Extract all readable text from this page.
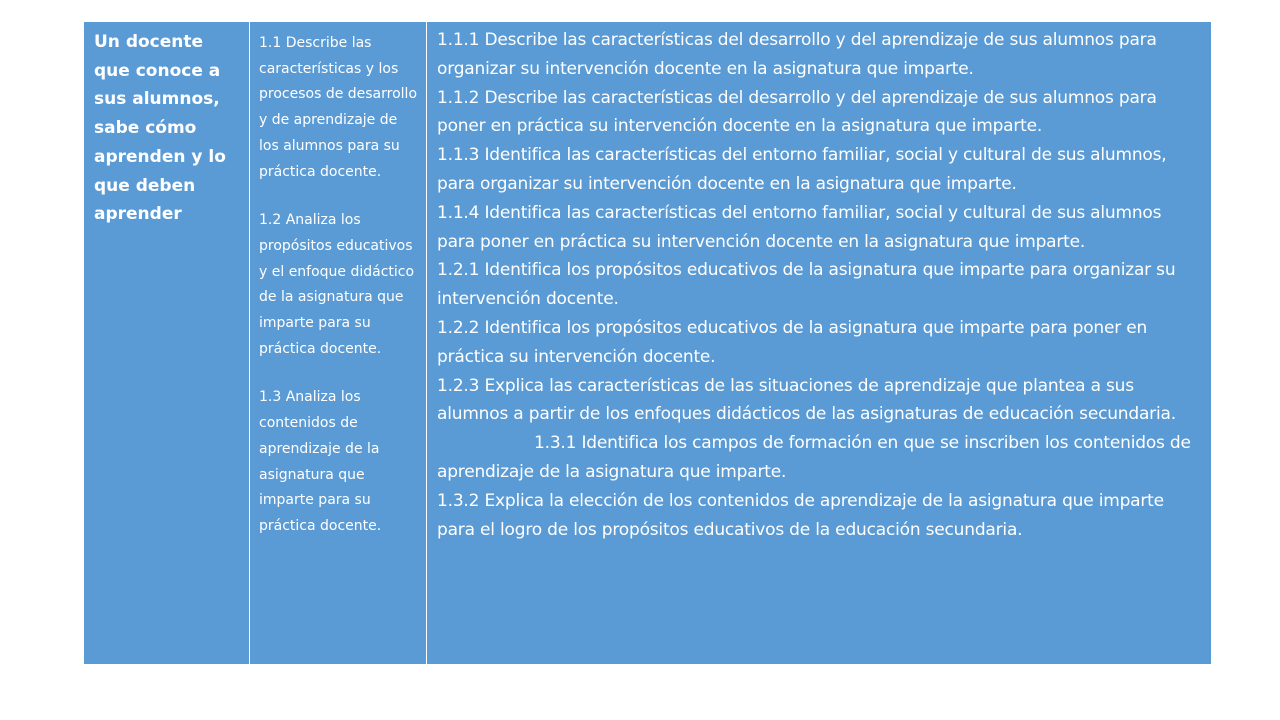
Un docente que conoce a sus alumnos, sabe cómo aprenden y lo que deben aprender

1.1 Describe las características y los procesos de desarrollo y de aprendizaje de los alumnos para su práctica docente.

1.2 Analiza los propósitos educativos y el enfoque didáctico de la asignatura que imparte para su práctica docente.

1.3 Analiza los contenidos de aprendizaje de la asignatura que imparte para su práctica docente.

1.1.1 Describe las características del desarrollo y del aprendizaje de sus alumnos para organizar su intervención docente en la asignatura que imparte.

1.1.2 Describe las características del desarrollo y del aprendizaje de sus alumnos para poner en práctica su intervención docente en la asignatura que imparte.

1.1.3 Identifica las características del entorno familiar, social y cultural de sus alumnos, para organizar su intervención docente en la asignatura que imparte.

1.1.4 Identifica las características del entorno familiar, social y cultural de sus alumnos para poner en práctica su intervención docente en la asignatura que imparte.

1.2.1 Identifica los propósitos educativos de la asignatura que imparte para organizar su intervención docente.

1.2.2 Identifica los propósitos educativos de la asignatura que imparte para poner en práctica su intervención docente.

1.2.3 Explica las características de las situaciones de aprendizaje que plantea a sus alumnos a partir de los enfoques didácticos de las asignaturas de educación secundaria.

1.3.1 Identifica los campos de formación en que se inscriben los contenidos de aprendizaje de la asignatura que imparte.

1.3.2 Explica la elección de los contenidos de aprendizaje de la asignatura que imparte para el logro de los propósitos educativos de la educación secundaria.
